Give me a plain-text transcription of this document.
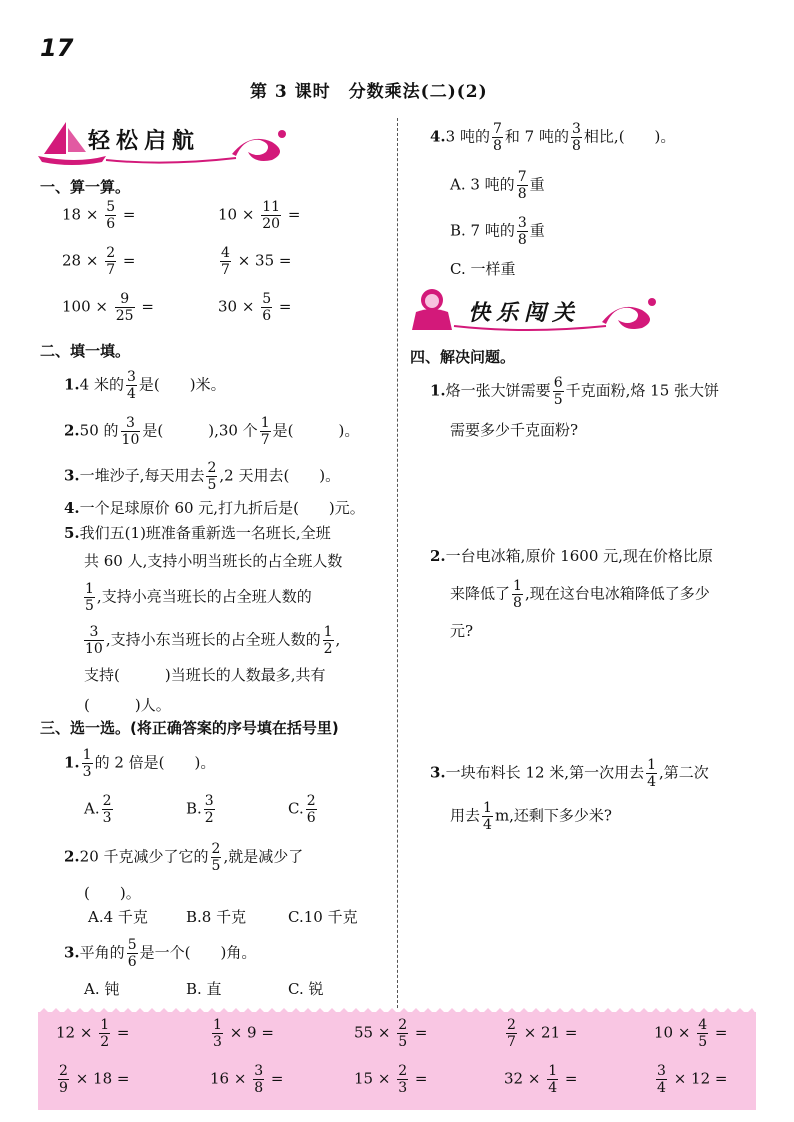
17
第 3 课时　分数乘法(二)(2)
轻松启航
快乐闯关
一、算一算。
$18 \times \frac{5}{6}$ =	$10 \times \frac{11}{20}$ =
$28 \times \frac{2}{7}$ =	$\frac{4}{7} \times 35$ =
$100 \times \frac{9}{25}$ =	$30 \times \frac{5}{6}$ =
二、填一填。
1.4 米的 $\frac{3}{4}$ 是(　　)米。
2.50 的 $\frac{3}{10}$ 是(　　　),30 个 $\frac{1}{7}$ 是(　　　)。
3.一堆沙子,每天用去 $\frac{2}{5} ,2$ 天用去(　　)。
4.一个足球原价 60 元,打九折后是(　　)元。
5.我们五(1)班准备重新选一名班长,全班
共 60 人,支持小明当班长的占全班人数
$\frac{1}{5}$ ,支持小亮当班长的占全班人数的
$\frac{3}{10}$ ,支持小东当班长的占全班人数的 $\frac{1}{2}$ ,
支持(　　　)当班长的人数最多,共有
(　　　)人。
三、选一选。(将正确答案的序号填在括号里)
1. $\frac{1}{3}$ 的 2 倍是(　　)。
A. $\frac{2}{3}$	B. $\frac{3}{2}$	C. $\frac{2}{6}$
2.20 千克减少了它的 $\frac{2}{5}$ ,就是减少了
(　　)。
A.4 千克	B.8 千克	C.10 千克
3.平角的 $\frac{5}{6}$ 是一个(　　)角。
A. 钝	B. 直	C. 锐
4.3 吨的 $\frac{7}{8}$ 和 7 吨的 $\frac{3}{8}$ 相比,(　　)。
A. 3 吨的 $\frac{7}{8}$ 重
B. 7 吨的 $\frac{3}{8}$ 重
C. 一样重
四、解决问题。
1.烙一张大饼需要 $\frac{6}{5}$ 千克面粉,烙 15 张大饼
需要多少千克面粉?
2.一台电冰箱,原价 1600 元,现在价格比原
来降低了 $\frac{1}{8}$ ,现在这台电冰箱降低了多少
元?
3.一块布料长 12 米,第一次用去 $\frac{1}{4}$ ,第二次
用去 $\frac{1}{4} m$,还剩下多少米?
$12 \times \frac{1}{2}$ =	$\frac{1}{3} \times 9$ =	$55 \times \frac{2}{5}$ =	$\frac{2}{7} \times 21$ =	$10 \times \frac{4}{5}$ =
$\frac{2}{9} \times 18$ =	$16 \times \frac{3}{8}$ =	$15 \times \frac{2}{3}$ =	$32 \times \frac{1}{4}$ =	$\frac{3}{4} \times 12$ =
